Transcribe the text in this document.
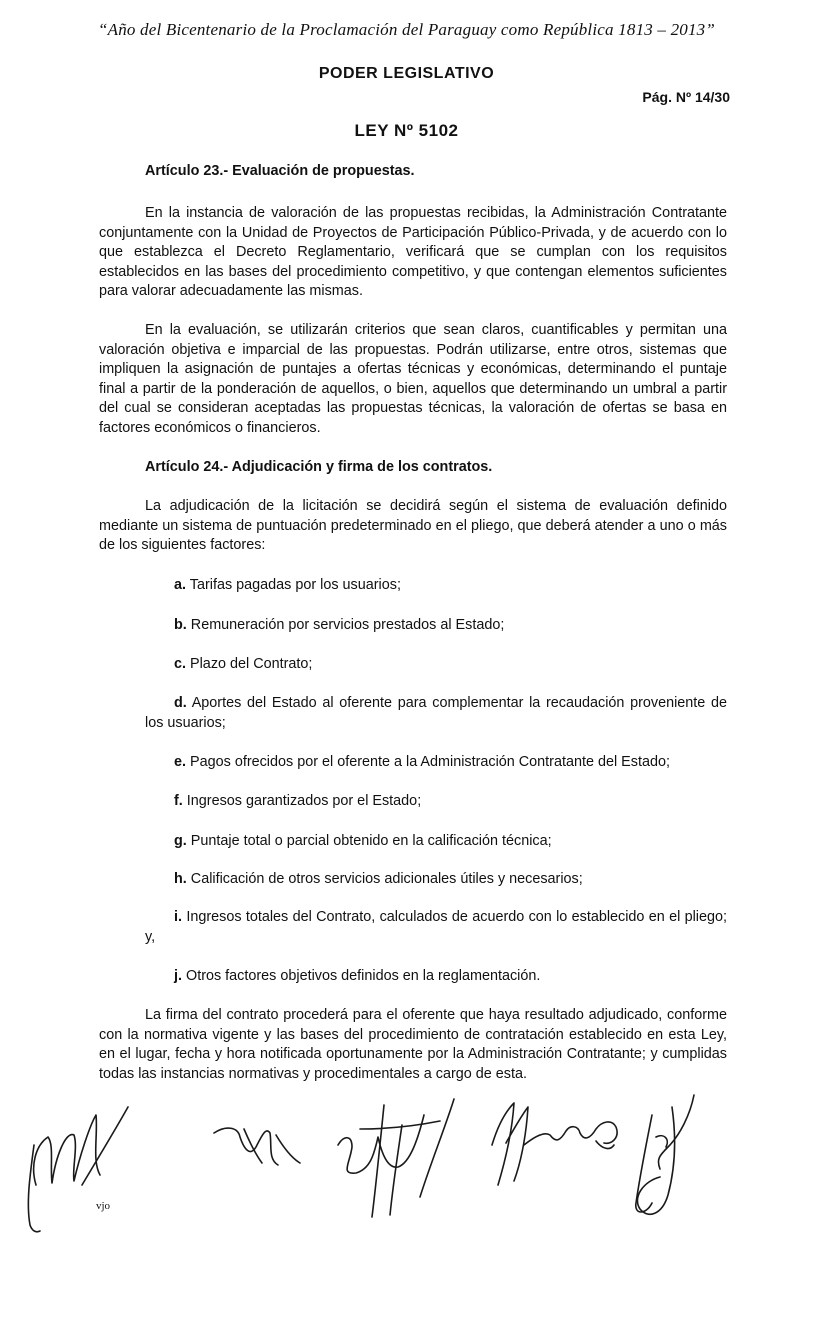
“Año del Bicentenario de la Proclamación del Paraguay como República 1813 – 2013”
PODER LEGISLATIVO
Pág. Nº 14/30
LEY Nº 5102
Artículo 23.- Evaluación de propuestas.

En la instancia de valoración de las propuestas recibidas, la Administración Contratante conjuntamente con la Unidad de Proyectos de Participación Público-Privada, y de acuerdo con lo que establezca el Decreto Reglamentario, verificará que se cumplan con los requisitos establecidos en las bases del procedimiento competitivo, y que contengan elementos suficientes para valorar adecuadamente las mismas.

En la evaluación, se utilizarán criterios que sean claros, cuantificables y permitan una valoración objetiva e imparcial de las propuestas. Podrán utilizarse, entre otros, sistemas que impliquen la asignación de puntajes a ofertas técnicas y económicas, determinando el puntaje final a partir de la ponderación de aquellos, o bien, aquellos que determinando un umbral a partir del cual se consideran aceptadas las propuestas técnicas, la valoración de ofertas se basa en factores económicos o financieros.

Artículo 24.- Adjudicación y firma de los contratos.

La adjudicación de la licitación se decidirá según el sistema de evaluación definido mediante un sistema de puntuación predeterminado en el pliego, que deberá atender a uno o más de los siguientes factores:

a. Tarifas pagadas por los usuarios;

b. Remuneración por servicios prestados al Estado;

c. Plazo del Contrato;

d. Aportes del Estado al oferente para complementar la recaudación proveniente de los usuarios;

e. Pagos ofrecidos por el oferente a la Administración Contratante del Estado;

f. Ingresos garantizados por el Estado;

g. Puntaje total o parcial obtenido en la calificación técnica;

h. Calificación de otros servicios adicionales útiles y necesarios;

i. Ingresos totales del Contrato, calculados de acuerdo con lo establecido en el pliego; y,

j. Otros factores objetivos definidos en la reglamentación.

La firma del contrato procederá para el oferente que haya resultado adjudicado, conforme con la normativa vigente y las bases del procedimiento de contratación establecido en esta Ley, en el lugar, fecha y hora notificada oportunamente por la Administración Contratante; y cumplidas todas las instancias normativas y procedimentales a cargo de esta.

vjo
